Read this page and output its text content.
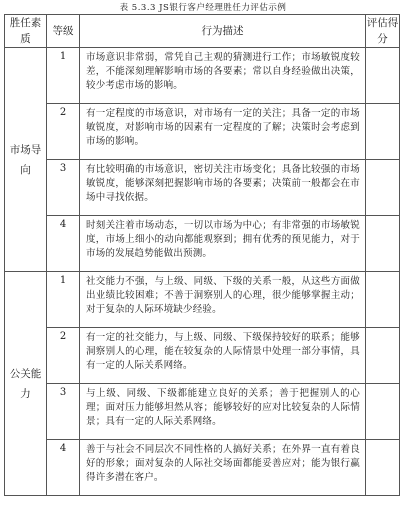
表 5.3.3 JS银行客户经理胜任力评估示例
胜任素质	等级	行为描述	评估得分
市场导向	1	市场意识非常弱，常凭自己主观的猜测进行工作；市场敏锐度较差，不能深刻理解影响市场的各要素；常以自身经验做出决策，较少考虑市场的影响。	
	2	有一定程度的市场意识，对市场有一定的关注；具备一定的市场敏锐度，对影响市场的因素有一定程度的了解；决策时会考虑到市场的影响。	
	3	有比较明确的市场意识，密切关注市场变化；具备比较强的市场敏锐度，能够深刻把握影响市场的各要素；决策前一般都会在市场中寻找依据。	
	4	时刻关注着市场动态，一切以市场为中心；有非常强的市场敏锐度，市场上细小的动向都能观察到；拥有优秀的预见能力，对于市场的发展趋势能做出预测。	
公关能力	1	社交能力不强，与上级、同级、下级的关系一般，从这些方面做出业绩比较困难；不善于洞察别人的心理，很少能够掌握主动；对于复杂的人际环境缺少经验。	
	2	有一定的社交能力，与上级、同级、下级保持较好的联系；能够洞察别人的心理，能在较复杂的人际情景中处理一部分事情，具有一定的人际关系网络。	
	3	与上级、同级、下级都能建立良好的关系；善于把握别人的心理；面对压力能够坦然从容；能够较好的应对比较复杂的人际情景；具有一定的人际关系网络。	
	4	善于与社会不同层次不同性格的人搞好关系；在外界一直有着良好的形象；面对复杂的人际社交场面都能妥善应对；能为银行赢得许多潜在客户。	
